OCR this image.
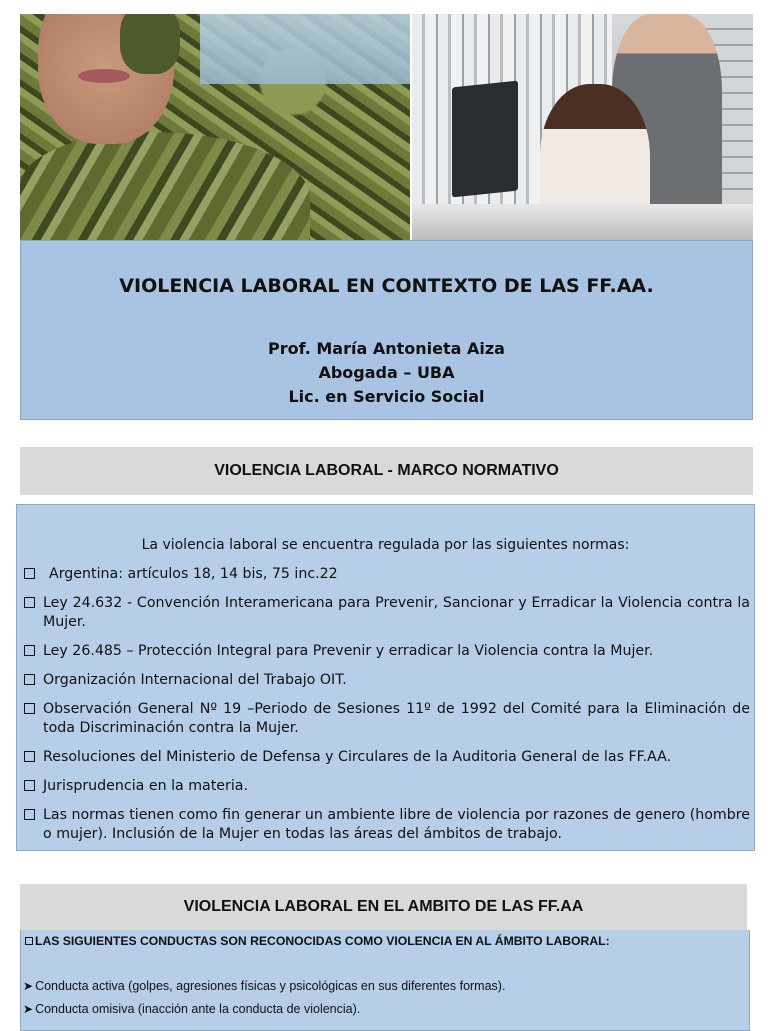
VIOLENCIA LABORAL EN CONTEXTO DE LAS FF.AA.
Prof. María Antonieta Aiza
Abogada – UBA
Lic. en Servicio Social
VIOLENCIA LABORAL - MARCO NORMATIVO
La violencia laboral se encuentra regulada por las siguientes normas:
Argentina: artículos 18, 14 bis, 75 inc.22
Ley 24.632 - Convención Interamericana para Prevenir, Sancionar y Erradicar la Violencia contra la Mujer.
Ley 26.485 – Protección Integral para Prevenir y erradicar la Violencia contra la Mujer.
Organización Internacional del Trabajo OIT.
Observación General Nº 19 –Periodo de Sesiones 11º de 1992 del Comité para la Eliminación de toda Discriminación contra la Mujer.
Resoluciones del Ministerio de Defensa y Circulares de la Auditoria General de las FF.AA.
Jurisprudencia en la materia.
Las normas tienen como fin generar un ambiente libre de violencia por razones de genero (hombre o mujer). Inclusión de la Mujer en todas las áreas del ámbitos de trabajo.
VIOLENCIA LABORAL EN EL AMBITO DE LAS FF.AA
LAS SIGUIENTES CONDUCTAS SON RECONOCIDAS COMO VIOLENCIA EN AL ÁMBITO LABORAL:
➤ Conducta activa (golpes, agresiones físicas y psicológicas en sus diferentes formas).
➤ Conducta omisiva (inacción ante la conducta de violencia).
